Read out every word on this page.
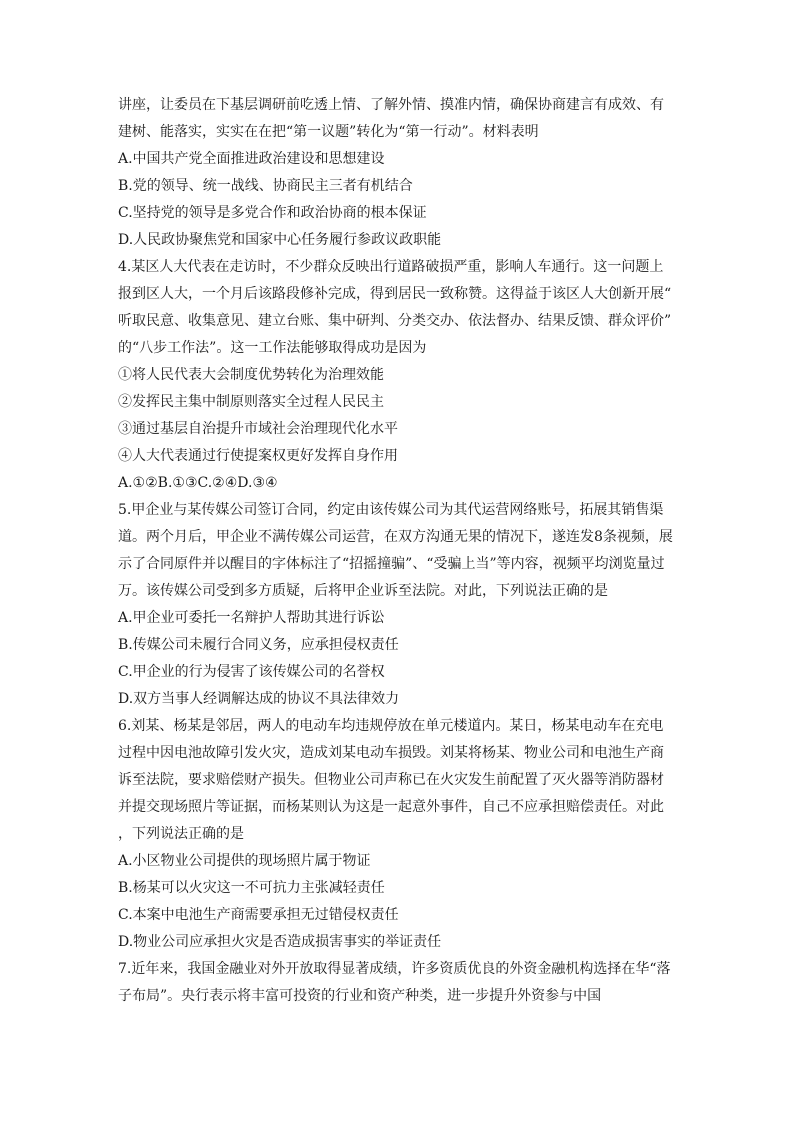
讲座，让委员在下基层调研前吃透上情、了解外情、摸准内情，确保协商建言有成效、有
建树、能落实，实实在在把“第一议题”转化为“第一行动”。材料表明
A.中国共产党全面推进政治建设和思想建设
B.党的领导、统一战线、协商民主三者有机结合
C.坚持党的领导是多党合作和政治协商的根本保证
D.人民政协聚焦党和国家中心任务履行参政议政职能
4.某区人大代表在走访时，不少群众反映出行道路破损严重，影响人车通行。这一问题上
报到区人大，一个月后该路段修补完成，得到居民一致称赞。这得益于该区人大创新开展“
听取民意、收集意见、建立台账、集中研判、分类交办、依法督办、结果反馈、群众评价”
的“八步工作法”。这一工作法能够取得成功是因为
①将人民代表大会制度优势转化为治理效能
②发挥民主集中制原则落实全过程人民民主
③通过基层自治提升市域社会治理现代化水平
④人大代表通过行使提案权更好发挥自身作用
A.①②B.①③C.②④D.③④
5.甲企业与某传媒公司签订合同，约定由该传媒公司为其代运营网络账号，拓展其销售渠
道。两个月后，甲企业不满传媒公司运营，在双方沟通无果的情况下，遂连发8条视频，展
示了合同原件并以醒目的字体标注了“招摇撞骗”、“受骗上当”等内容，视频平均浏览量过
万。该传媒公司受到多方质疑，后将甲企业诉至法院。对此，下列说法正确的是
A.甲企业可委托一名辩护人帮助其进行诉讼
B.传媒公司未履行合同义务，应承担侵权责任
C.甲企业的行为侵害了该传媒公司的名誉权
D.双方当事人经调解达成的协议不具法律效力
6.刘某、杨某是邻居，两人的电动车均违规停放在单元楼道内。某日，杨某电动车在充电
过程中因电池故障引发火灾，造成刘某电动车损毁。刘某将杨某、物业公司和电池生产商
诉至法院，要求赔偿财产损失。但物业公司声称已在火灾发生前配置了灭火器等消防器材
并提交现场照片等证据，而杨某则认为这是一起意外事件，自己不应承担赔偿责任。对此
，下列说法正确的是
A.小区物业公司提供的现场照片属于物证
B.杨某可以火灾这一不可抗力主张减轻责任
C.本案中电池生产商需要承担无过错侵权责任
D.物业公司应承担火灾是否造成损害事实的举证责任
7.近年来，我国金融业对外开放取得显著成绩，许多资质优良的外资金融机构选择在华“落
子布局”。央行表示将丰富可投资的行业和资产种类，进一步提升外资参与中国
